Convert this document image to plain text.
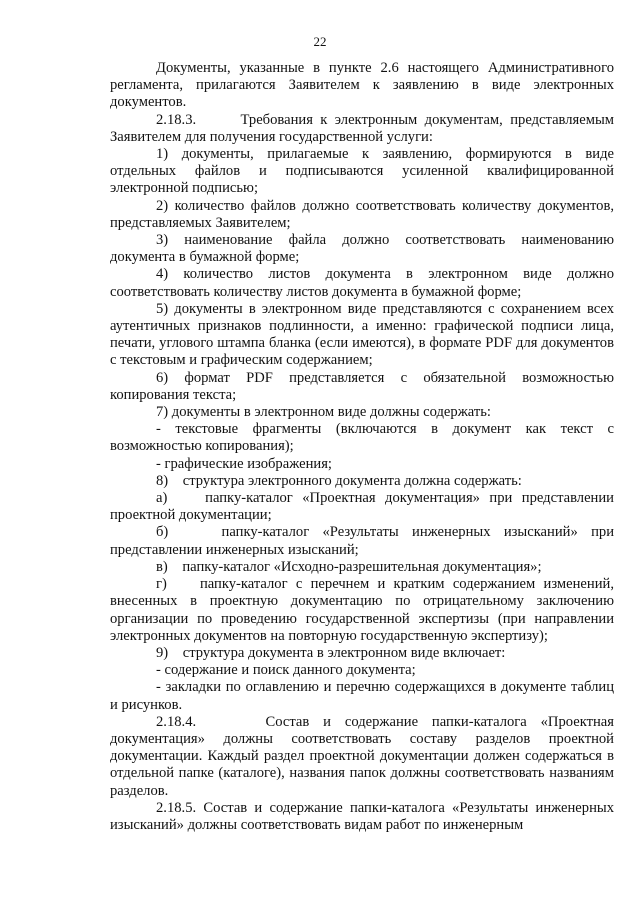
22

Документы, указанные в пункте 2.6 настоящего Административного регламента, прилагаются Заявителем к заявлению в виде электронных документов.

2.18.3.      Требования к электронным документам, представляемым Заявителем для получения государственной услуги:

1) документы, прилагаемые к заявлению, формируются в виде отдельных файлов и подписываются усиленной квалифицированной электронной подписью;

2) количество файлов должно соответствовать количеству документов, представляемых Заявителем;

3) наименование файла должно соответствовать наименованию документа в бумажной форме;

4) количество листов документа в электронном виде должно соответствовать количеству листов документа в бумажной форме;

5) документы в электронном виде представляются с сохранением всех аутентичных признаков подлинности, а именно: графической подписи лица, печати, углового штампа бланка (если имеются), в формате PDF для документов с текстовым и графическим содержанием;

6) формат PDF представляется с обязательной возможностью копирования текста;

7) документы в электронном виде должны содержать:

- текстовые фрагменты (включаются в документ как текст с возможностью копирования);

- графические изображения;

8)    структура электронного документа должна содержать:

а)    папку-каталог «Проектная документация» при представлении проектной документации;

б)    папку-каталог «Результаты инженерных изысканий» при представлении инженерных изысканий;

в)    папку-каталог «Исходно-разрешительная документация»;

г)    папку-каталог с перечнем и кратким содержанием изменений, внесенных в проектную документацию по отрицательному заключению организации по проведению государственной экспертизы (при направлении электронных документов на повторную государственную экспертизу);

9)    структура документа в электронном виде включает:

- содержание и поиск данного документа;

- закладки по оглавлению и перечню содержащихся в документе таблиц и рисунков.

2.18.4.     Состав и содержание папки-каталога «Проектная документация» должны соответствовать составу разделов проектной документации. Каждый раздел проектной документации должен содержаться в отдельной папке (каталоге), названия папок должны соответствовать названиям разделов.

2.18.5. Состав и содержание папки-каталога «Результаты инженерных изысканий» должны соответствовать видам работ по инженерным
